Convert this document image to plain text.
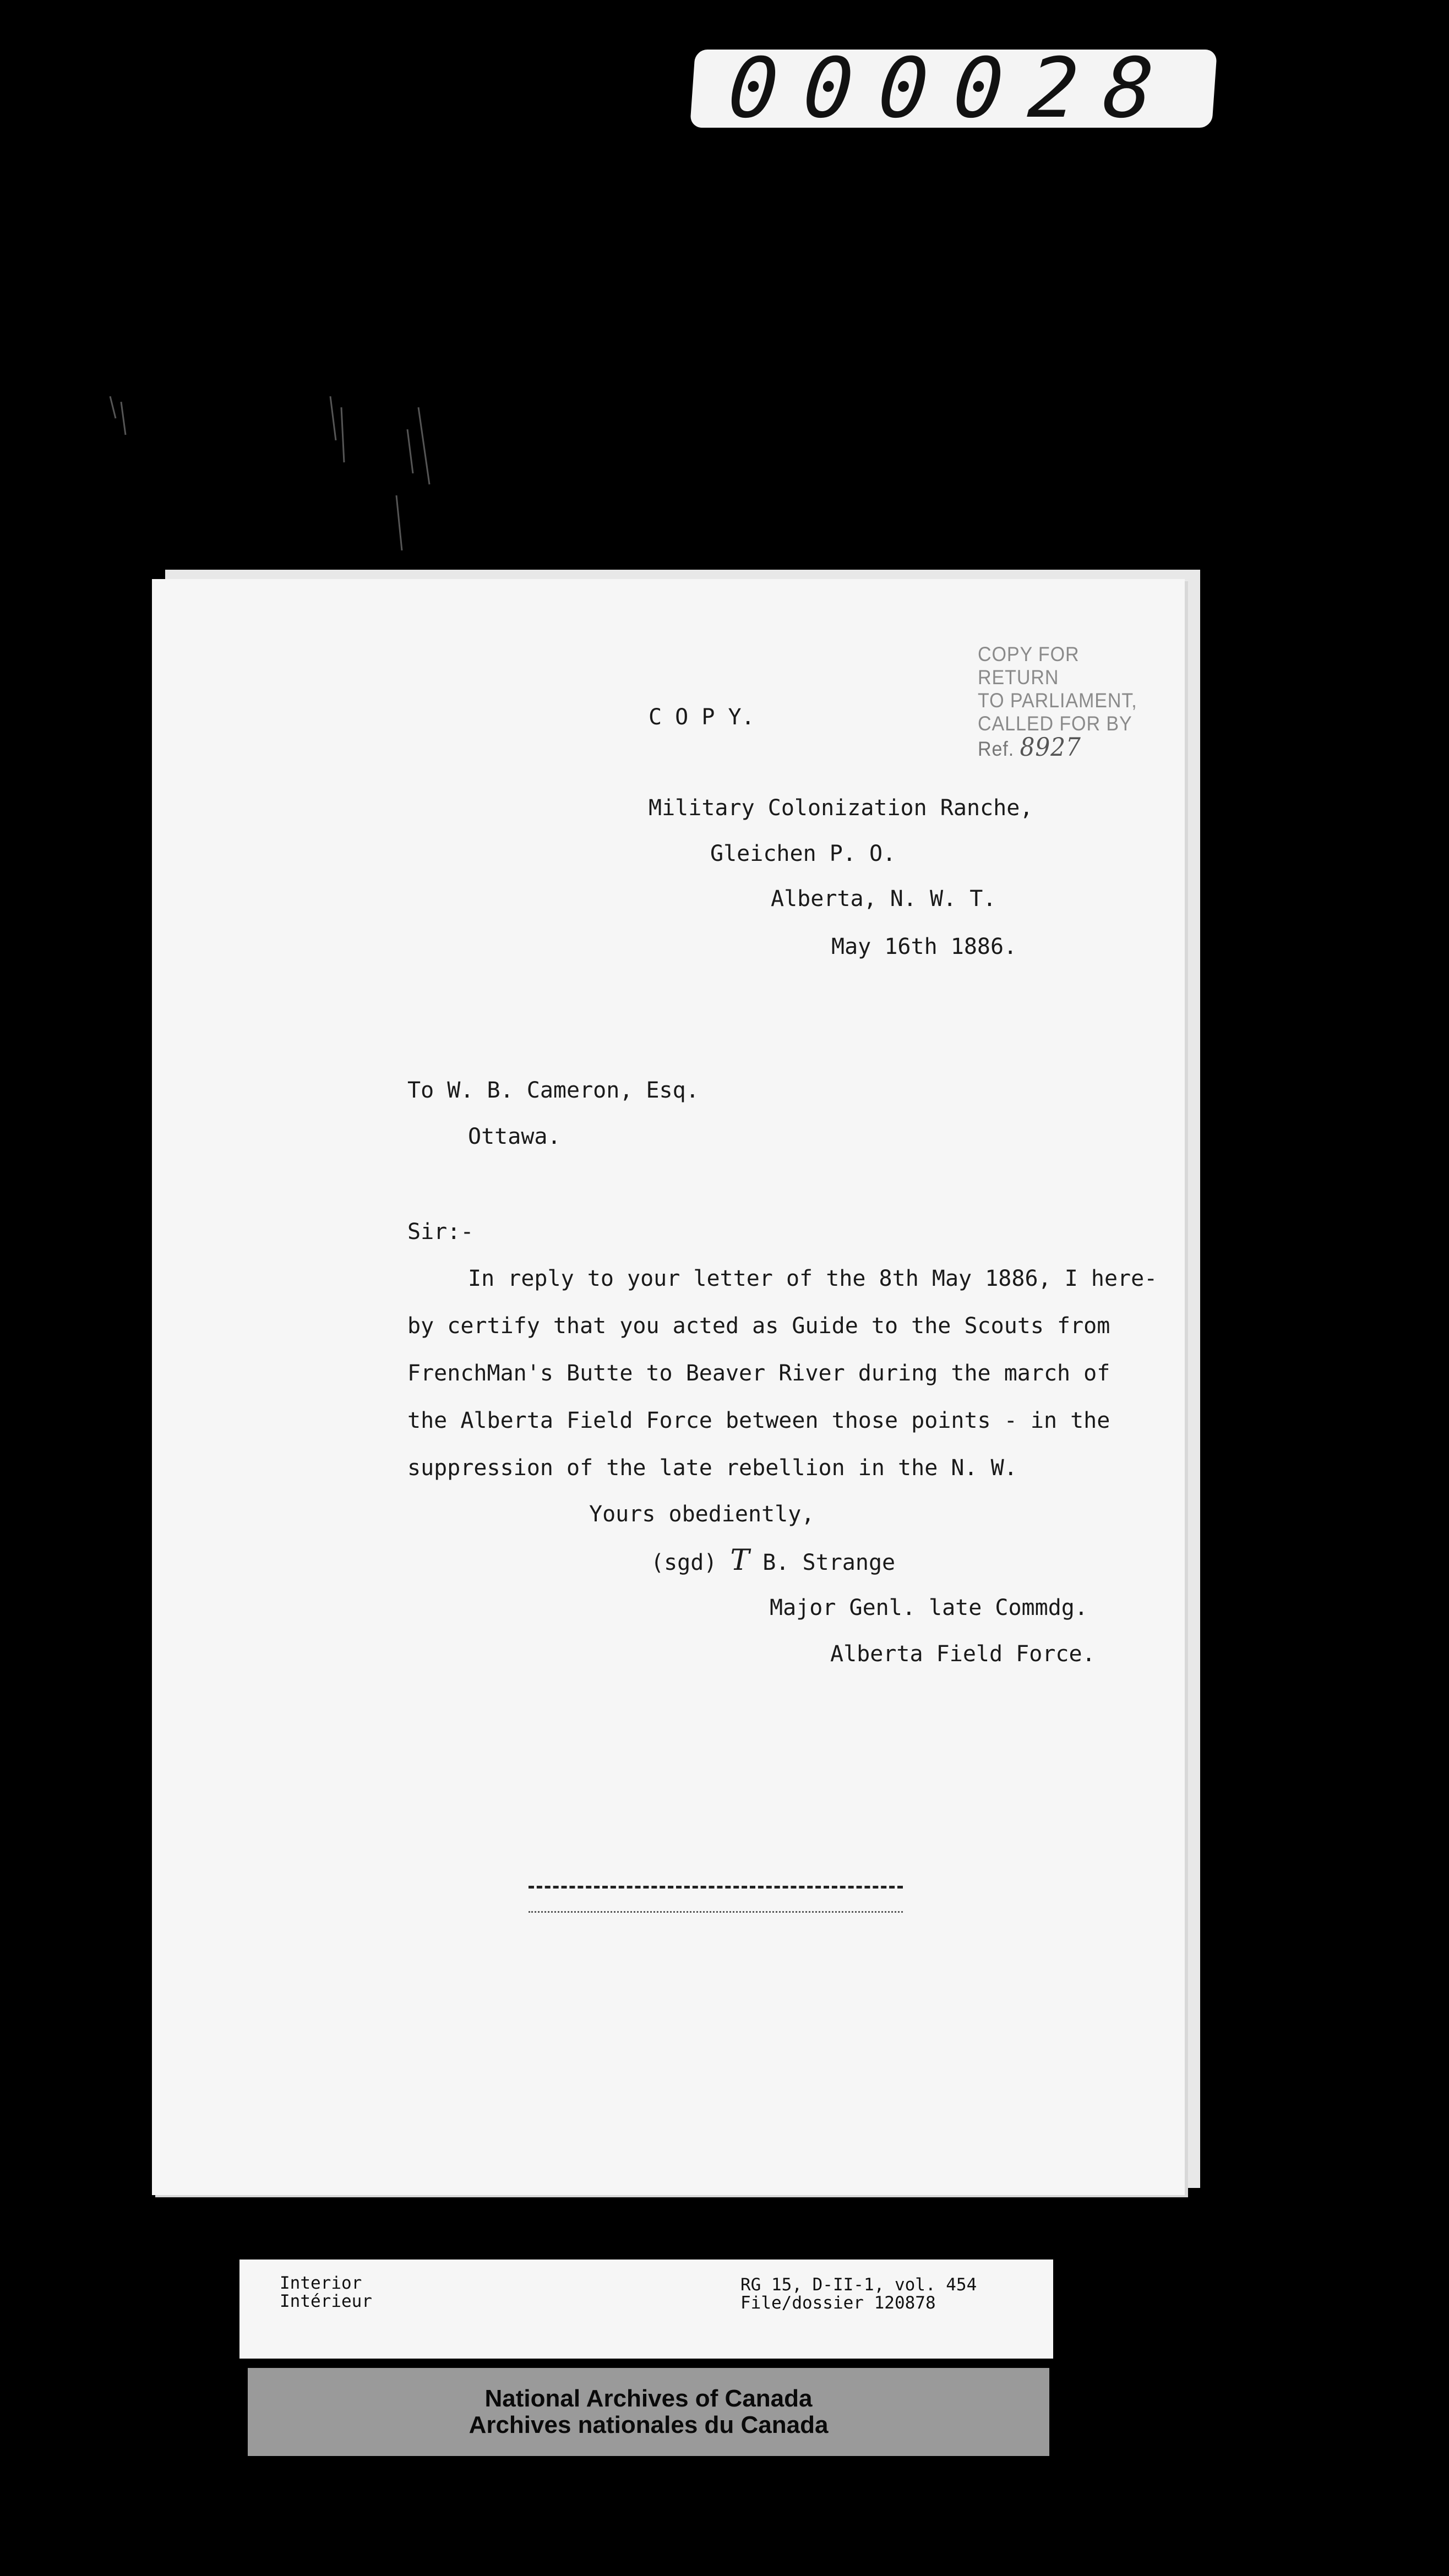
000028
COPY FOR RETURN
TO PARLIAMENT,
CALLED FOR BY
Ref. 8927
C O P Y.
Military Colonization Ranche,
Gleichen P. O.
Alberta, N. W. T.
May 16th 1886.
To W. B. Cameron, Esq.
Ottawa.
Sir:-
In reply to your letter of the 8th May 1886, I here-
by certify that you acted as Guide to the Scouts from
FrenchMan's Butte to Beaver River during the march of
the Alberta Field Force between those points - in the
suppression of the late rebellion in the N. W.
Yours obediently,
(sgd) T B. Strange
Major Genl. late Commdg.
Alberta Field Force.
Interior
Intérieur
RG 15, D-II-1, vol. 454
File/dossier 120878
National Archives of Canada
Archives nationales du Canada
